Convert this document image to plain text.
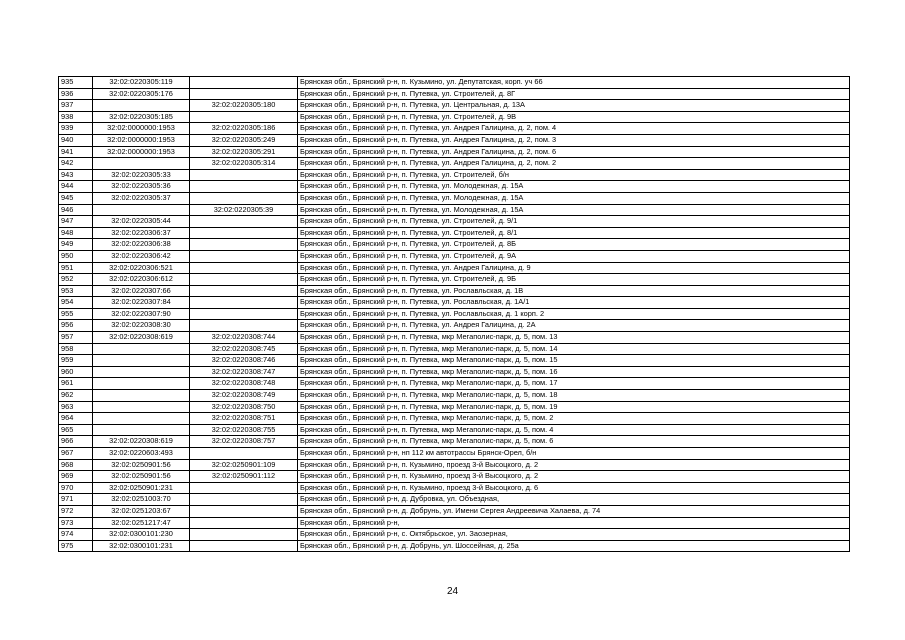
935	32:02:0220305:119		Брянская обл., Брянский р-н, п. Кузьмино, ул. Депутатская, корп. уч 66
936	32:02:0220305:176		Брянская обл., Брянский р-н, п. Путевка, ул. Строителей, д. 8Г
937		32:02:0220305:180	Брянская обл., Брянский р-н, п. Путевка, ул. Центральная, д. 13А
938	32:02:0220305:185		Брянская обл., Брянский р-н, п. Путевка, ул. Строителей, д. 9В
939	32:02:0000000:1953	32:02:0220305:186	Брянская обл., Брянский р-н, п. Путевка, ул. Андрея Галицина, д. 2, пом. 4
940	32:02:0000000:1953	32:02:0220305:249	Брянская обл., Брянский р-н, п. Путевка, ул. Андрея Галицина, д. 2, пом. 3
941	32:02:0000000:1953	32:02:0220305:291	Брянская обл., Брянский р-н, п. Путевка, ул. Андрея Галицина, д. 2, пом. 6
942		32:02:0220305:314	Брянская обл., Брянский р-н, п. Путевка, ул. Андрея Галицина, д. 2, пом. 2
943	32:02:0220305:33		Брянская обл., Брянский р-н, п. Путевка, ул. Строителей, б/н
944	32:02:0220305:36		Брянская обл., Брянский р-н, п. Путевка, ул. Молодежная, д. 15А
945	32:02:0220305:37		Брянская обл., Брянский р-н, п. Путевка, ул. Молодежная, д. 15А
946		32:02:0220305:39	Брянская обл., Брянский р-н, п. Путевка, ул. Молодежная, д. 15А
947	32:02:0220305:44		Брянская обл., Брянский р-н, п. Путевка, ул. Строителей, д. 9/1
948	32:02:0220306:37		Брянская обл., Брянский р-н, п. Путевка, ул. Строителей, д. 8/1
949	32:02:0220306:38		Брянская обл., Брянский р-н, п. Путевка, ул. Строителей, д. 8Б
950	32:02:0220306:42		Брянская обл., Брянский р-н, п. Путевка, ул. Строителей, д. 9А
951	32:02:0220306:521		Брянская обл., Брянский р-н, п. Путевка, ул. Андрея Галицина, д. 9
952	32:02:0220306:612		Брянская обл., Брянский р-н, п. Путевка, ул. Строителей, д. 9Б
953	32:02:0220307:66		Брянская обл., Брянский р-н, п. Путевка, ул. Рославльская, д. 1В
954	32:02:0220307:84		Брянская обл., Брянский р-н, п. Путевка, ул. Рославльская, д. 1А/1
955	32:02:0220307:90		Брянская обл., Брянский р-н, п. Путевка, ул. Рославльская, д. 1 корп. 2
956	32:02:0220308:30		Брянская обл., Брянский р-н, п. Путевка, ул. Андрея Галицина, д. 2А
957	32:02:0220308:619	32:02:0220308:744	Брянская обл., Брянский р-н, п. Путевка, мкр Мегаполис-парк, д. 5, пом. 13
958		32:02:0220308:745	Брянская обл., Брянский р-н, п. Путевка, мкр Мегаполис-парк, д. 5, пом. 14
959		32:02:0220308:746	Брянская обл., Брянский р-н, п. Путевка, мкр Мегаполис-парк, д. 5, пом. 15
960		32:02:0220308:747	Брянская обл., Брянский р-н, п. Путевка, мкр Мегаполис-парк, д. 5, пом. 16
961		32:02:0220308:748	Брянская обл., Брянский р-н, п. Путевка, мкр Мегаполис-парк, д. 5, пом. 17
962		32:02:0220308:749	Брянская обл., Брянский р-н, п. Путевка, мкр Мегаполис-парк, д. 5, пом. 18
963		32:02:0220308:750	Брянская обл., Брянский р-н, п. Путевка, мкр Мегаполис-парк, д. 5, пом. 19
964		32:02:0220308:751	Брянская обл., Брянский р-н, п. Путевка, мкр Мегаполис-парк, д. 5, пом. 2
965		32:02:0220308:755	Брянская обл., Брянский р-н, п. Путевка, мкр Мегаполис-парк, д. 5, пом. 4
966	32:02:0220308:619	32:02:0220308:757	Брянская обл., Брянский р-н, п. Путевка, мкр Мегаполис-парк, д. 5, пом. 6
967	32:02:0220603:493		Брянская обл., Брянский р-н, нп 112 км автотрассы Брянск-Орел, б/н
968	32:02:0250901:56	32:02:0250901:109	Брянская обл., Брянский р-н, п. Кузьмино, проезд 3-й Высоцкого, д. 2
969	32:02:0250901:56	32:02:0250901:112	Брянская обл., Брянский р-н, п. Кузьмино, проезд 3-й Высоцкого, д. 2
970	32:02:0250901:231		Брянская обл., Брянский р-н, п. Кузьмино, проезд 3-й Высоцкого, д. 6
971	32:02:0251003:70		Брянская обл., Брянский р-н, д. Дубровка, ул. Объездная,
972	32:02:0251203:67		Брянская обл., Брянский р-н, д. Добрунь, ул. Имени Сергея Андреевича Халаева, д. 74
973	32:02:0251217:47		Брянская обл., Брянский р-н,
974	32:02:0300101:230		Брянская обл., Брянский р-н, с. Октябрьское, ул. Заозерная,
975	32:02:0300101:231		Брянская обл., Брянский р-н, д. Добрунь, ул. Шоссейная, д. 25а
24
